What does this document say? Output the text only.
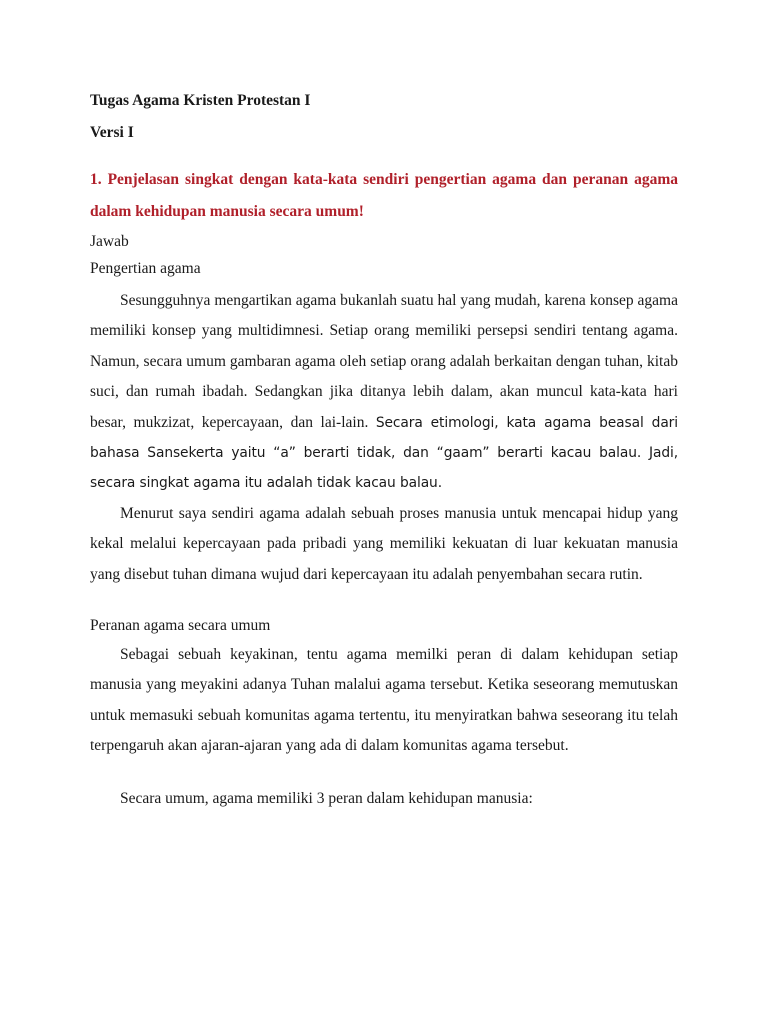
Tugas Agama Kristen Protestan I

Versi I

1. Penjelasan singkat dengan kata-kata sendiri pengertian agama dan peranan agama dalam kehidupan manusia secara umum!

Jawab

Pengertian agama

Sesungguhnya mengartikan agama bukanlah suatu hal yang mudah, karena konsep agama memiliki konsep yang multidimnesi. Setiap orang memiliki persepsi sendiri tentang agama. Namun, secara umum gambaran agama oleh setiap orang adalah berkaitan dengan tuhan, kitab suci, dan rumah ibadah. Sedangkan jika ditanya lebih dalam, akan muncul kata-kata hari besar, mukzizat, kepercayaan, dan lai-lain. Secara etimologi, kata agama beasal dari bahasa Sansekerta yaitu “a” berarti tidak, dan “gaam” berarti kacau balau. Jadi, secara singkat agama itu adalah tidak kacau balau.

Menurut saya sendiri agama adalah sebuah proses manusia untuk mencapai hidup yang kekal melalui kepercayaan pada pribadi yang memiliki kekuatan di luar kekuatan manusia yang disebut tuhan dimana wujud dari kepercayaan itu adalah penyembahan secara rutin.

Peranan agama secara umum

Sebagai sebuah keyakinan, tentu agama memilki peran di dalam kehidupan setiap manusia yang meyakini adanya Tuhan malalui agama tersebut. Ketika seseorang memutuskan untuk memasuki sebuah komunitas agama tertentu, itu menyiratkan bahwa seseorang itu telah terpengaruh akan ajaran-ajaran yang ada di dalam komunitas agama tersebut.

Secara umum, agama memiliki 3 peran dalam kehidupan manusia:
